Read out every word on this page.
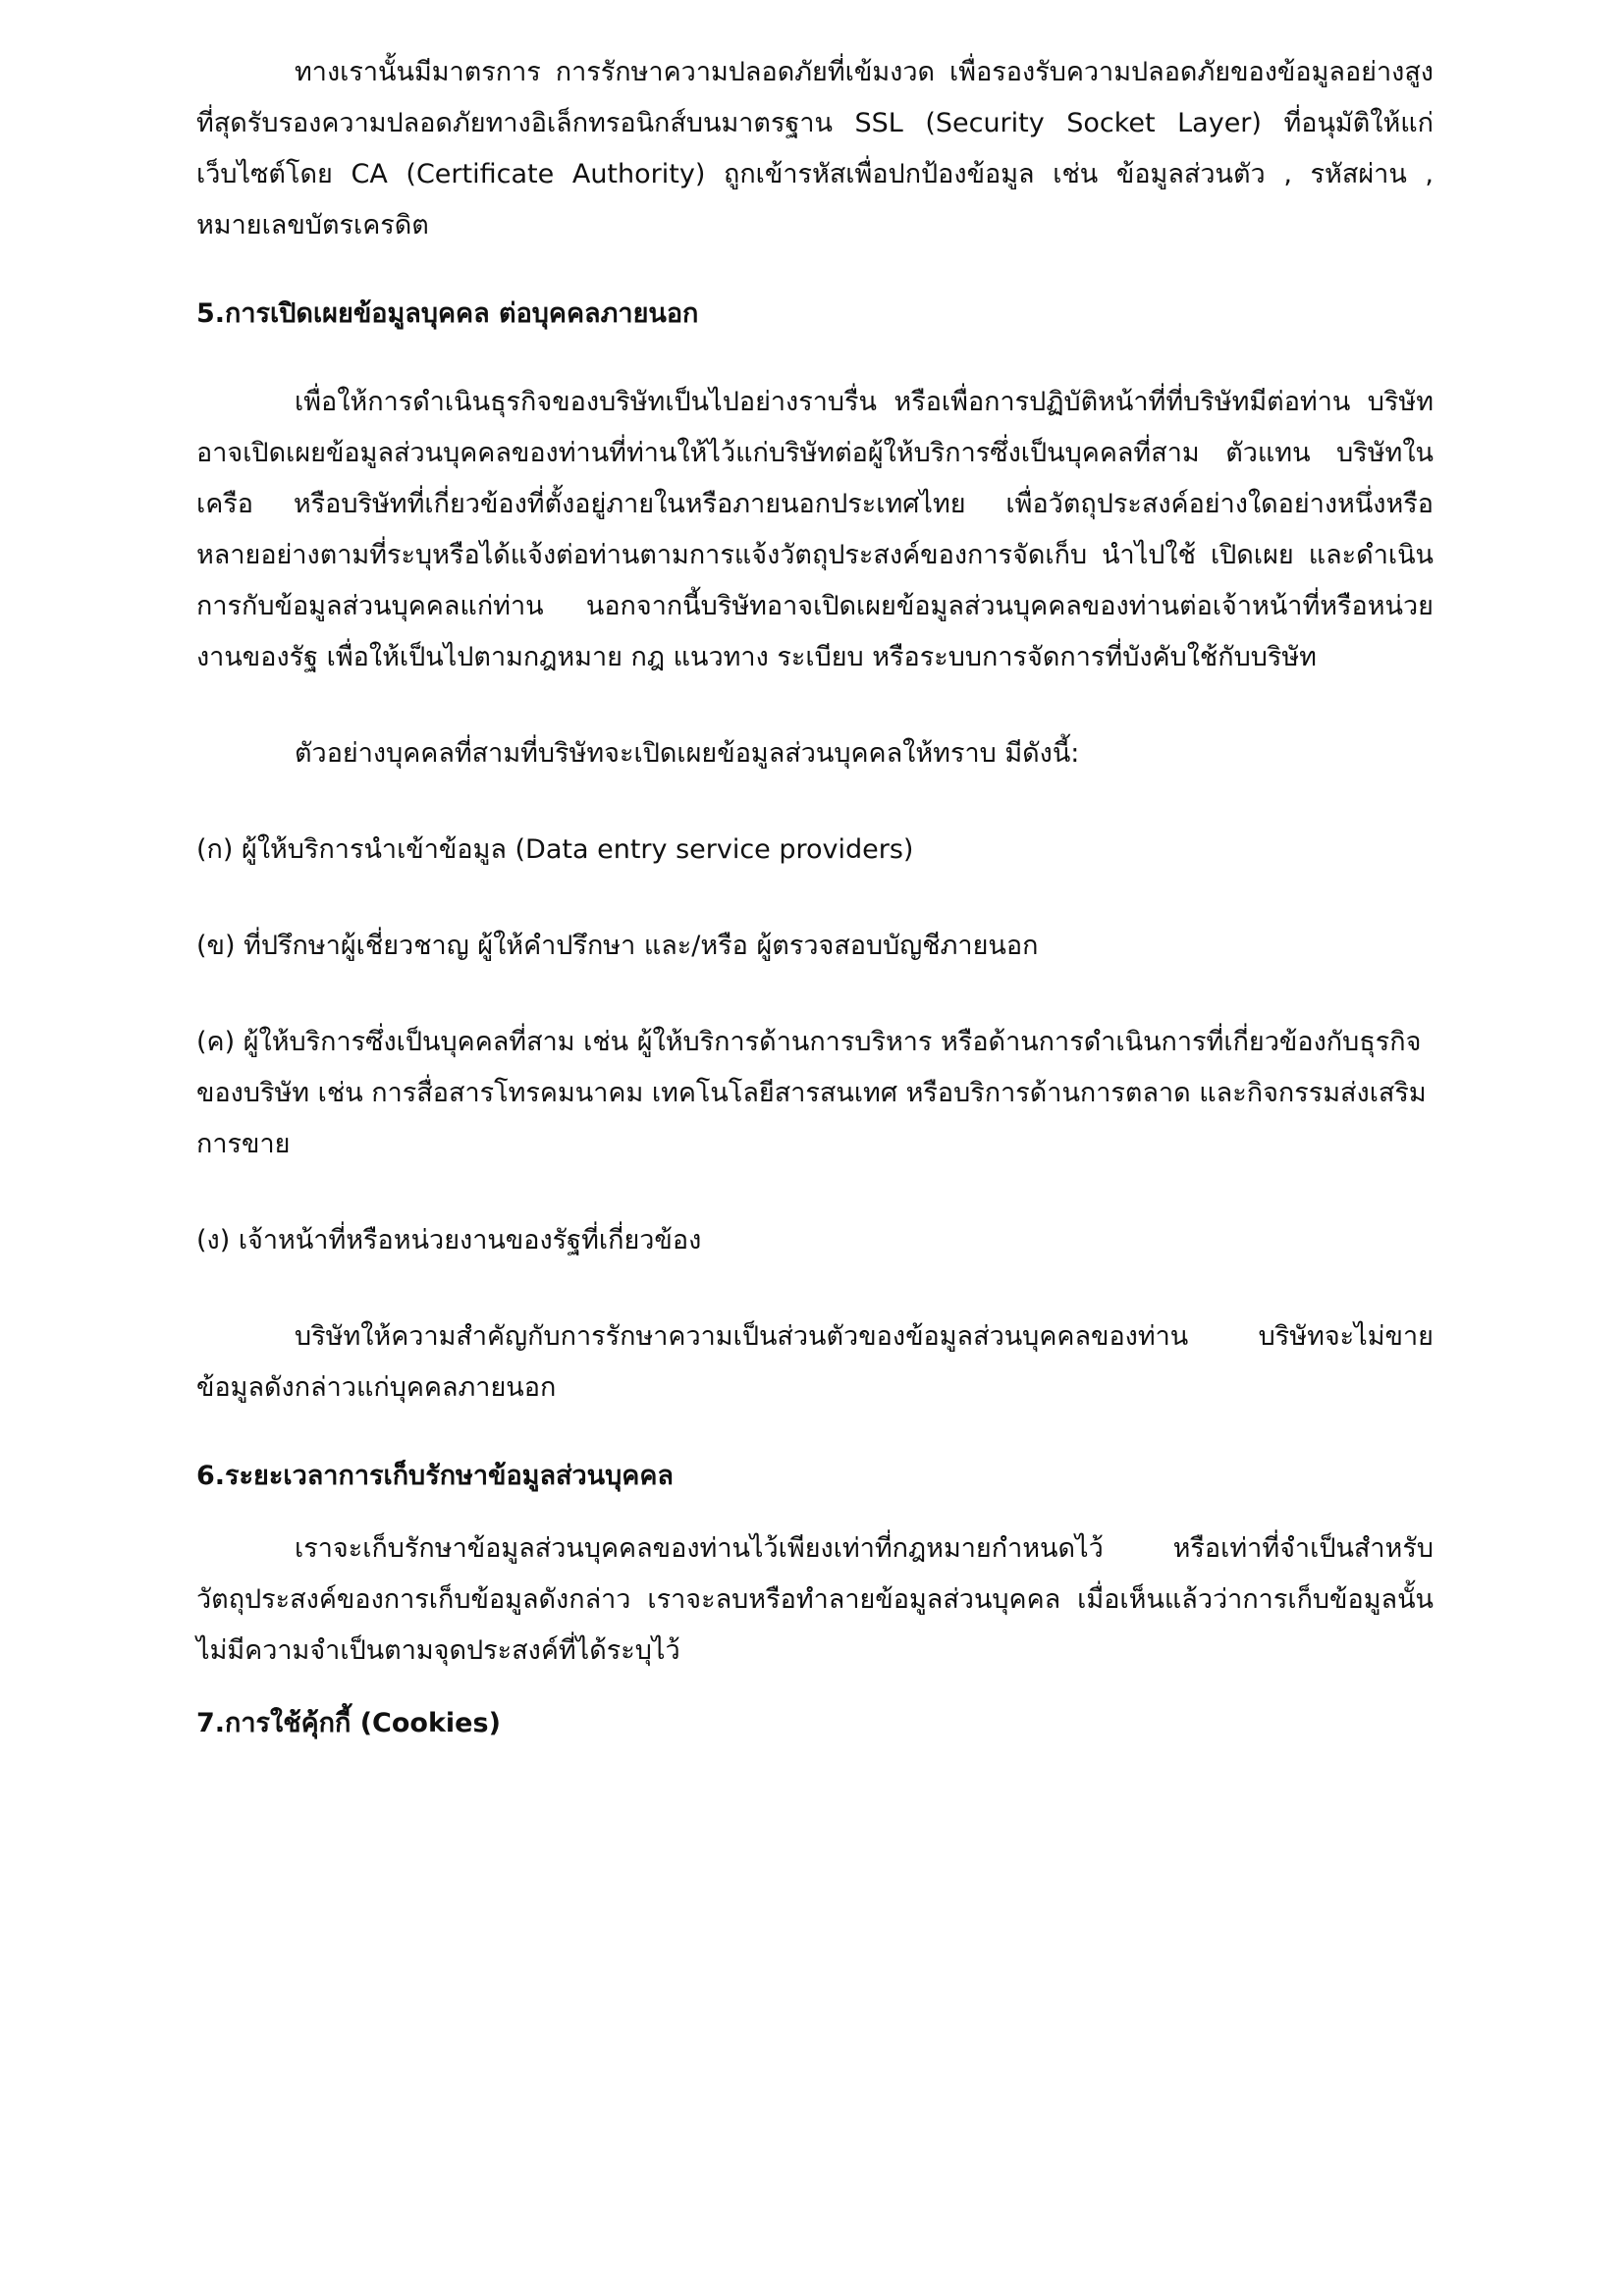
ทางเรานั้นมีมาตรการ การรักษาความปลอดภัยที่เข้มงวด เพื่อรองรับความปลอดภัยของข้อมูลอย่างสูงที่สุดรับรองความปลอดภัยทางอิเล็กทรอนิกส์บนมาตรฐาน SSL (Security Socket Layer) ที่อนุมัติให้แก่เว็บไซต์โดย CA (Certificate Authority) ถูกเข้ารหัสเพื่อปกป้องข้อมูล เช่น ข้อมูลส่วนตัว , รหัสผ่าน , หมายเลขบัตรเครดิต

5.การเปิดเผยข้อมูลบุคคล ต่อบุคคลภายนอก

เพื่อให้การดำเนินธุรกิจของบริษัทเป็นไปอย่างราบรื่น หรือเพื่อการปฏิบัติหน้าที่ที่บริษัทมีต่อท่าน บริษัทอาจเปิดเผยข้อมูลส่วนบุคคลของท่านที่ท่านให้ไว้แก่บริษัทต่อผู้ให้บริการซึ่งเป็นบุคคลที่สาม ตัวแทน บริษัทในเครือ หรือบริษัทที่เกี่ยวข้องที่ตั้งอยู่ภายในหรือภายนอกประเทศไทย เพื่อวัตถุประสงค์อย่างใดอย่างหนึ่งหรือหลายอย่างตามที่ระบุหรือได้แจ้งต่อท่านตามการแจ้งวัตถุประสงค์ของการจัดเก็บ นำไปใช้ เปิดเผย และดำเนินการกับข้อมูลส่วนบุคคลแก่ท่าน นอกจากนี้บริษัทอาจเปิดเผยข้อมูลส่วนบุคคลของท่านต่อเจ้าหน้าที่หรือหน่วยงานของรัฐ เพื่อให้เป็นไปตามกฎหมาย กฎ แนวทาง ระเบียบ หรือระบบการจัดการที่บังคับใช้กับบริษัท

ตัวอย่างบุคคลที่สามที่บริษัทจะเปิดเผยข้อมูลส่วนบุคคลให้ทราบ มีดังนี้:

(ก) ผู้ให้บริการนำเข้าข้อมูล (Data entry service providers)

(ข) ที่ปรึกษาผู้เชี่ยวชาญ ผู้ให้คำปรึกษา และ/หรือ ผู้ตรวจสอบบัญชีภายนอก

(ค) ผู้ให้บริการซึ่งเป็นบุคคลที่สาม เช่น ผู้ให้บริการด้านการบริหาร หรือด้านการดำเนินการที่เกี่ยวข้องกับธุรกิจของบริษัท เช่น การสื่อสารโทรคมนาคม เทคโนโลยีสารสนเทศ หรือบริการด้านการตลาด และกิจกรรมส่งเสริมการขาย

(ง) เจ้าหน้าที่หรือหน่วยงานของรัฐที่เกี่ยวข้อง

บริษัทให้ความสำคัญกับการรักษาความเป็นส่วนตัวของข้อมูลส่วนบุคคลของท่าน บริษัทจะไม่ขายข้อมูลดังกล่าวแก่บุคคลภายนอก

6.ระยะเวลาการเก็บรักษาข้อมูลส่วนบุคคล

เราจะเก็บรักษาข้อมูลส่วนบุคคลของท่านไว้เพียงเท่าที่กฎหมายกำหนดไว้ หรือเท่าที่จำเป็นสำหรับวัตถุประสงค์ของการเก็บข้อมูลดังกล่าว เราจะลบหรือทำลายข้อมูลส่วนบุคคล เมื่อเห็นแล้วว่าการเก็บข้อมูลนั้น ไม่มีความจำเป็นตามจุดประสงค์ที่ได้ระบุไว้

7.การใช้คุ้กกี้ (Cookies)
